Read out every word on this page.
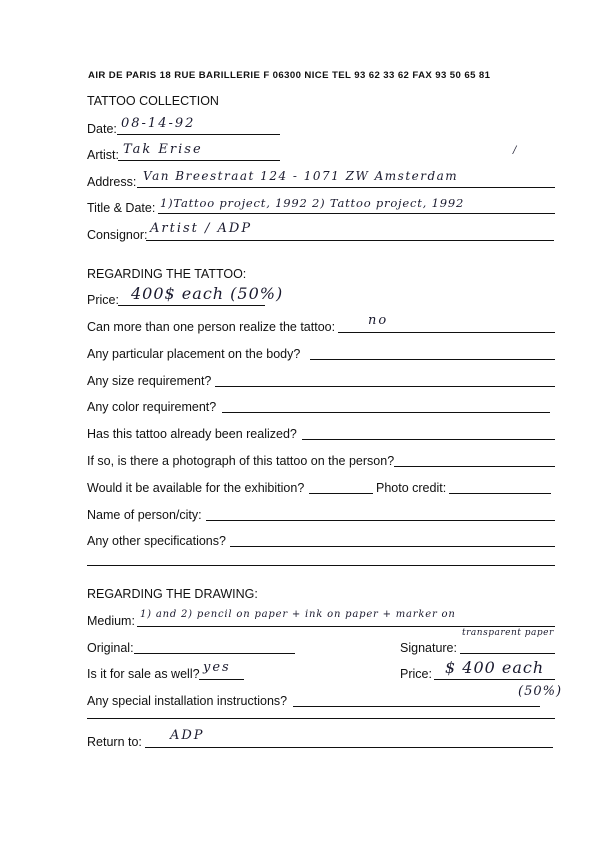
AIR DE PARIS 18 RUE BARILLERIE F 06300 NICE TEL 93 62 33 62 FAX 93 50 65 81
TATTOO COLLECTION
Date: 08-14-92
Artist: Tak Erise	/
Address: Van Breestraat 124 - 1071 ZW Amsterdam
Title & Date: 1)Tattoo project, 1992 2) Tattoo project, 1992
Consignor: Artist / ADP
REGARDING THE TATTOO:
Price: 400$ each (50%)
Can more than one person realize the tattoo:	no
Any particular placement on the body?
Any size requirement?
Any color requirement?
Has this tattoo already been realized?
If so, is there a photograph of this tattoo on the person?
Would it be available for the exhibition?	Photo credit:
Name of person/city:
Any other specifications?
REGARDING THE DRAWING:
Medium: 1) and 2) pencil on paper + ink on paper + marker on
transparent paper
Original:	Signature:
Is it for sale as well? yes	Price: $ 400 each
(50%)
Any special installation instructions?
Return to: ADP
